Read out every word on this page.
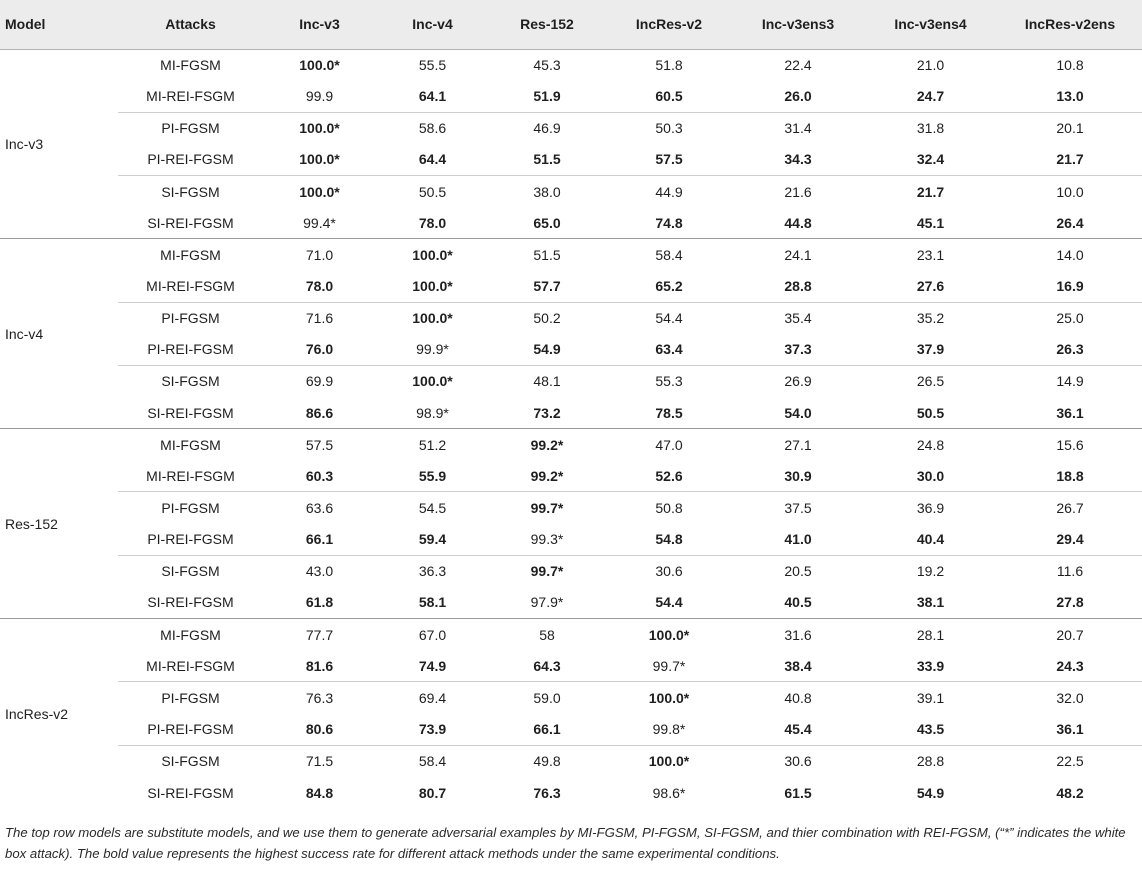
Model	Attacks	Inc-v3	Inc-v4	Res-152	IncRes-v2	Inc-v3ens3	Inc-v3ens4	IncRes-v2ens
Inc-v3	MI-FGSM	100.0*	55.5	45.3	51.8	22.4	21.0	10.8
	MI-REI-FSGM	99.9	64.1	51.9	60.5	26.0	24.7	13.0
	PI-FGSM	100.0*	58.6	46.9	50.3	31.4	31.8	20.1
	PI-REI-FGSM	100.0*	64.4	51.5	57.5	34.3	32.4	21.7
	SI-FGSM	100.0*	50.5	38.0	44.9	21.6	21.7	10.0
	SI-REI-FGSM	99.4*	78.0	65.0	74.8	44.8	45.1	26.4
Inc-v4	MI-FGSM	71.0	100.0*	51.5	58.4	24.1	23.1	14.0
	MI-REI-FSGM	78.0	100.0*	57.7	65.2	28.8	27.6	16.9
	PI-FGSM	71.6	100.0*	50.2	54.4	35.4	35.2	25.0
	PI-REI-FGSM	76.0	99.9*	54.9	63.4	37.3	37.9	26.3
	SI-FGSM	69.9	100.0*	48.1	55.3	26.9	26.5	14.9
	SI-REI-FGSM	86.6	98.9*	73.2	78.5	54.0	50.5	36.1
Res-152	MI-FGSM	57.5	51.2	99.2*	47.0	27.1	24.8	15.6
	MI-REI-FSGM	60.3	55.9	99.2*	52.6	30.9	30.0	18.8
	PI-FGSM	63.6	54.5	99.7*	50.8	37.5	36.9	26.7
	PI-REI-FGSM	66.1	59.4	99.3*	54.8	41.0	40.4	29.4
	SI-FGSM	43.0	36.3	99.7*	30.6	20.5	19.2	11.6
	SI-REI-FGSM	61.8	58.1	97.9*	54.4	40.5	38.1	27.8
IncRes-v2	MI-FGSM	77.7	67.0	58	100.0*	31.6	28.1	20.7
	MI-REI-FSGM	81.6	74.9	64.3	99.7*	38.4	33.9	24.3
	PI-FGSM	76.3	69.4	59.0	100.0*	40.8	39.1	32.0
	PI-REI-FGSM	80.6	73.9	66.1	99.8*	45.4	43.5	36.1
	SI-FGSM	71.5	58.4	49.8	100.0*	30.6	28.8	22.5
	SI-REI-FGSM	84.8	80.7	76.3	98.6*	61.5	54.9	48.2
The top row models are substitute models, and we use them to generate adversarial examples by MI-FGSM, PI-FGSM, SI-FGSM, and thier combination with REI-FGSM, (“*” indicates the white box attack). The bold value represents the highest success rate for different attack methods under the same experimental conditions.
